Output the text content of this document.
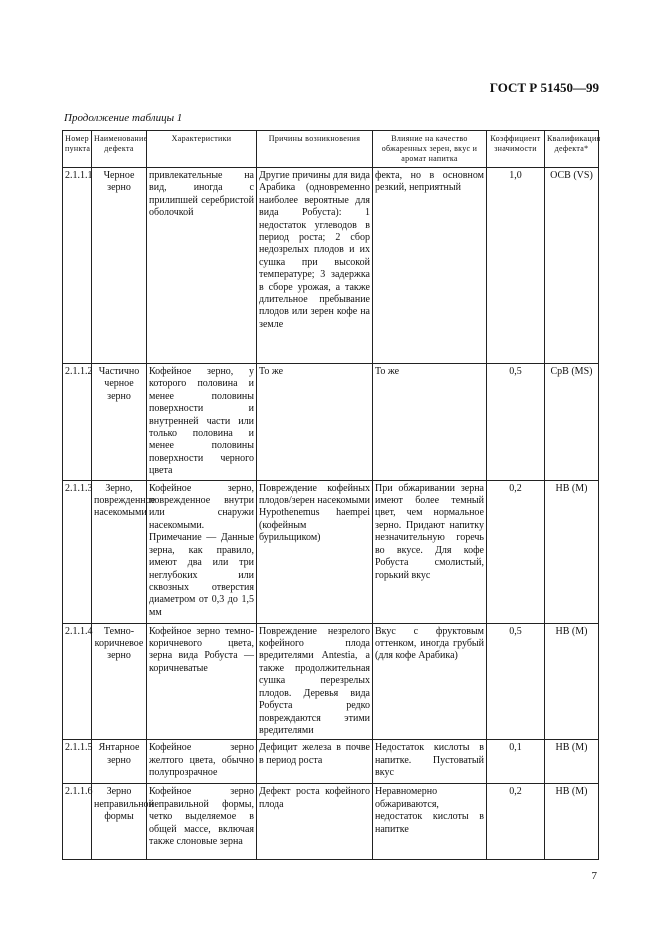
ГОСТ Р 51450—99
Продолжение таблицы 1
Номер пункта	Наименование дефекта	Характеристики	Причины возникновения	Влияние на качество обжаренных зерен, вкус и аромат напитка	Коэффициент значимости	Квалификация дефекта*
2.1.1.1	Черное зерно	привлекательные на вид, иногда с прилипшей серебристой оболочкой	Другие причины для вида Арабика (одновременно наиболее вероятные для вида Робуста): 1 недостаток углеводов в период роста; 2 сбор недозрелых плодов и их сушка при высокой температуре; 3 задержка в сборе урожая, а также длительное пребывание плодов или зерен кофе на земле	фекта, но в основном резкий, неприятный	1,0	ОСВ (VS)
2.1.1.2	Частично черное зерно	Кофейное зерно, у которого половина и менее половины поверхности и внутренней части или только половина и менее половины поверхности черного цвета	То же	То же	0,5	СрВ (MS)
2.1.1.3	Зерно, поврежденное насекомыми	Кофейное зерно, поврежденное внутри или снаружи насекомыми. Примечание — Данные зерна, как правило, имеют два или три неглубоких или сквозных отверстия диаметром от 0,3 до 1,5 мм	Повреждение кофейных плодов/зерен насекомыми Hypothenemus haempei (кофейным бурильщиком)	При обжаривании зерна имеют более темный цвет, чем нормальное зерно. Придают напитку незначительную горечь во вкусе. Для кофе Робуста смолистый, горький вкус	0,2	НВ (М)
2.1.1.4	Темно-коричневое зерно	Кофейное зерно темно-коричневого цвета, зерна вида Робуста — коричневатые	Повреждение незрелого кофейного плода вредителями Antestia, а также продолжительная сушка перезрелых плодов. Деревья вида Робуста редко повреждаются этими вредителями	Вкус с фруктовым оттенком, иногда грубый (для кофе Арабика)	0,5	НВ (М)
2.1.1.5	Янтарное зерно	Кофейное зерно желтого цвета, обычно полупрозрачное	Дефицит железа в почве в период роста	Недостаток кислоты в напитке. Пустоватый вкус	0,1	НВ (М)
2.1.1.6	Зерно неправильной формы	Кофейное зерно неправильной формы, четко выделяемое в общей массе, включая также слоновые зерна	Дефект роста кофейного плода	Неравномерно обжариваются, недостаток кислоты в напитке	0,2	НВ (М)
7
